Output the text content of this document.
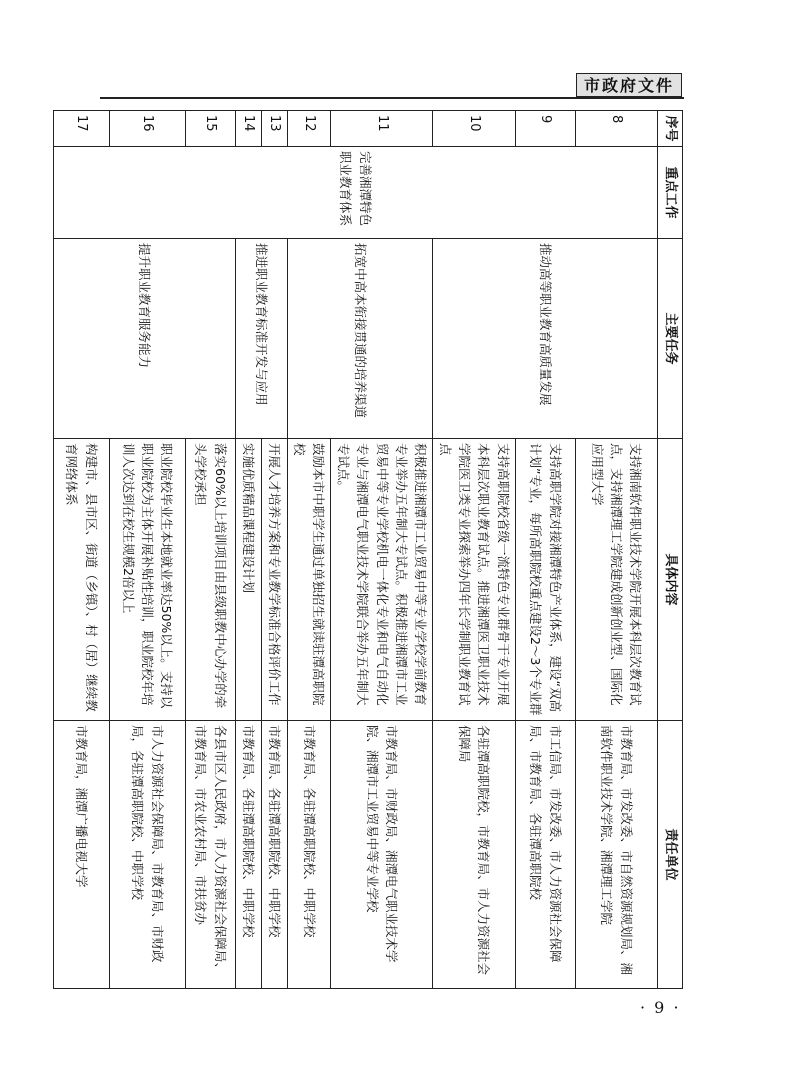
市政府文件
序号	重点工作	主要任务	具体内容	责任单位
8	完善湘潭特色职业教育体系	推动高等职业教育高质量发展	支持湘南软件职业技术学院开展本科层次教育试点，支持湘潭理工学院建成创新创业型、国际化应用型大学	市教育局、市发改委、市自然资源规划局、湘南软件职业技术学院、湘潭理工学院
9			支持高职学院对接湘潭特色产业体系，建设“双高计划”专业，每所高职院校重点建设2～3个专业群	市工信局、市发改委、市人力资源社会保障局、市教育局、各驻潭高职院校
10			支持高职院校省级一流特色专业群骨干专业开展本科层次职业教育试点。推进湘潭医卫职业技术学院医卫类专业探索举办四年长学制职业教育试点	各驻潭高职院校，市教育局、市人力资源社会保障局
11		拓宽中高本衔接贯通的培养渠道	积极推进湘潭市工业贸易中等专业学校学前教育专业举办五年制大专试点。积极推进湘潭市工业贸易中等专业学校机电一体化专业和电气自动化专业与湘潭电气职业技术学院联合举办五年制大专试点。	市教育局、市财政局、湘潭电气职业技术学院、湘潭市工业贸易中等专业学校
12			鼓励本市中职学生通过单独招生就读驻潭高职院校	市教育局、各驻潭高职院校、中职学校
13		推进职业教育标准开发与应用	开展人才培养方案和专业教学标准合格评价工作	市教育局、各驻潭高职院校、中职学校
14			实施优质精品课程建设计划	市教育局、各驻潭高职院校、中职学校
15		提升职业教育服务能力	落实60%以上培训项目由县级职教中心办学的牵头学校承担	各县市区人民政府，市人力资源社会保障局、市教育局、市农业农村局、市扶贫办
16			职业院校毕业生本地就业率达50%以上。支持以职业院校为主体开展补贴性培训，职业院校年培训人次达到在校生规模2倍以上	市人力资源社会保障局、市教育局、市财政局，各驻潭高职院校、中职学校
17			构建市、县市区、街道（乡镇）、村（居）继续教育网络体系	市教育局，湘潭广播电视大学
· 9 ·
